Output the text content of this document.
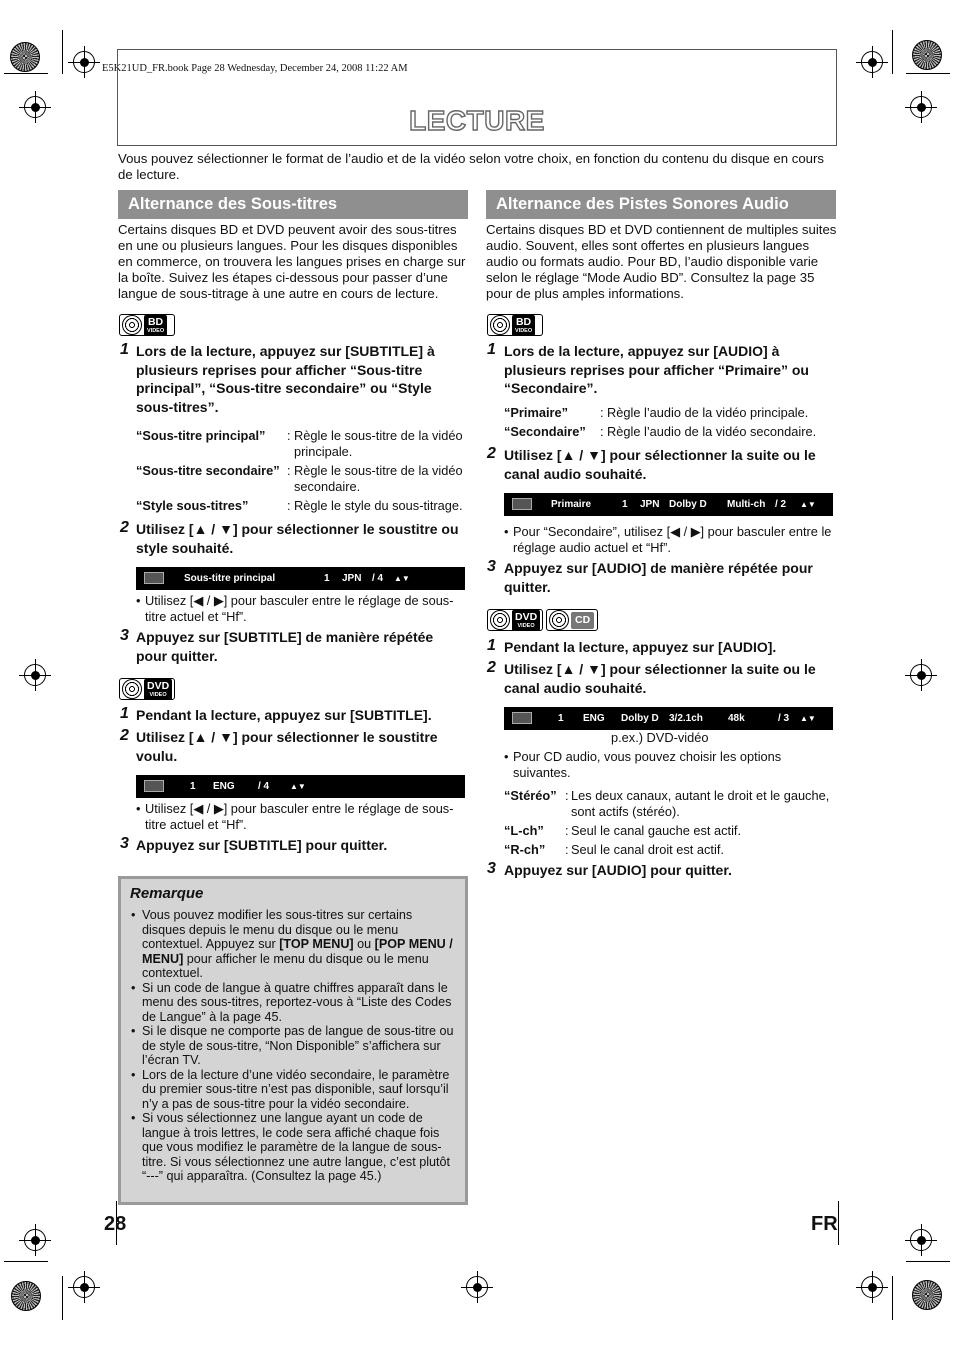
E5K21UD_FR.book Page 28 Wednesday, December 24, 2008 11:22 AM
LECTURE
Vous pouvez sélectionner le format de l’audio et de la vidéo selon votre choix, en fonction du contenu du disque en cours de lecture.
Alternance des Sous-titres
Certains disques BD et DVD peuvent avoir des sous-titres en une ou plusieurs langues. Pour les disques disponibles en commerce, on trouvera les langues prises en charge sur la boîte. Suivez les étapes ci-dessous pour passer d’une langue de sous-titrage à une autre en cours de lecture.
BD
VIDEO
1 Lors de la lecture, appuyez sur [SUBTITLE] à plusieurs reprises pour afficher “Sous-titre principal”, “Sous-titre secondaire” ou “Style sous-titres”.
“Sous-titre principal” : Règle le sous-titre de la vidéo principale.
“Sous-titre secondaire” : Règle le sous-titre de la vidéo secondaire.
“Style sous-titres”	: Règle le style du sous-titrage.
2 Utilisez [▲ / ▼] pour sélectionner le soustitre ou style souhaité.
Sous-titre principal	1 JPN / 4 ▲▼
• Utilisez [◀ / ▶] pour basculer entre le réglage de sous-titre actuel et “Hf”.
3 Appuyez sur [SUBTITLE] de manière répétée pour quitter.
DVD
VIDEO
1 Pendant la lecture, appuyez sur [SUBTITLE].
2 Utilisez [▲ / ▼] pour sélectionner le soustitre voulu.
1 ENG / 4	▲▼
• Utilisez [◀ / ▶] pour basculer entre le réglage de sous-titre actuel et “Hf”.
3 Appuyez sur [SUBTITLE] pour quitter.
Remarque
• Vous pouvez modifier les sous-titres sur certains disques depuis le menu du disque ou le menu contextuel. Appuyez sur [TOP MENU] ou [POP MENU / MENU] pour afficher le menu du disque ou le menu contextuel.
• Si un code de langue à quatre chiffres apparaît dans le menu des sous-titres, reportez-vous à “Liste des Codes de Langue” à la page 45.
• Si le disque ne comporte pas de langue de sous-titre ou de style de sous-titre, “Non Disponible” s’affichera sur l’écran TV.
• Lors de la lecture d’une vidéo secondaire, le paramètre du premier sous-titre n’est pas disponible, sauf lorsqu’il n’y a pas de sous-titre pour la vidéo secondaire.
• Si vous sélectionnez une langue ayant un code de langue à trois lettres, le code sera affiché chaque fois que vous modifiez le paramètre de la langue de sous-titre. Si vous sélectionnez une autre langue, c’est plutôt “---” qui apparaîtra. (Consultez la page 45.)
Alternance des Pistes Sonores Audio
Certains disques BD et DVD contiennent de multiples suites audio. Souvent, elles sont offertes en plusieurs langues audio ou formats audio. Pour BD, l’audio disponible varie selon le réglage “Mode Audio BD”. Consultez la page 35 pour de plus amples informations.
BD
VIDEO
1 Lors de la lecture, appuyez sur [AUDIO] à plusieurs reprises pour afficher “Primaire” ou “Secondaire”.
“Primaire” : Règle l’audio de la vidéo principale.
“Secondaire” : Règle l’audio de la vidéo secondaire.
2 Utilisez [▲ / ▼] pour sélectionner la suite ou le canal audio souhaité.
Primaire	1 JPN Dolby D Multi-ch / 2 ▲▼
• Pour “Secondaire”, utilisez [◀ / ▶] pour basculer entre le réglage audio actuel et “Hf”.
3 Appuyez sur [AUDIO] de manière répétée pour quitter.
DVD
VIDEO	CD
1 Pendant la lecture, appuyez sur [AUDIO].
2 Utilisez [▲ / ▼] pour sélectionner la suite ou le canal audio souhaité.
1 ENG Dolby D 3/2.1ch	48k	/ 3 ▲▼
p.ex.) DVD-vidéo
• Pour CD audio, vous pouvez choisir les options suivantes.
“Stéréo” : Les deux canaux, autant le droit et le gauche, sont actifs (stéréo).
“L-ch” : Seul le canal gauche est actif.
“R-ch” : Seul le canal droit est actif.
3 Appuyez sur [AUDIO] pour quitter.
28	FR
